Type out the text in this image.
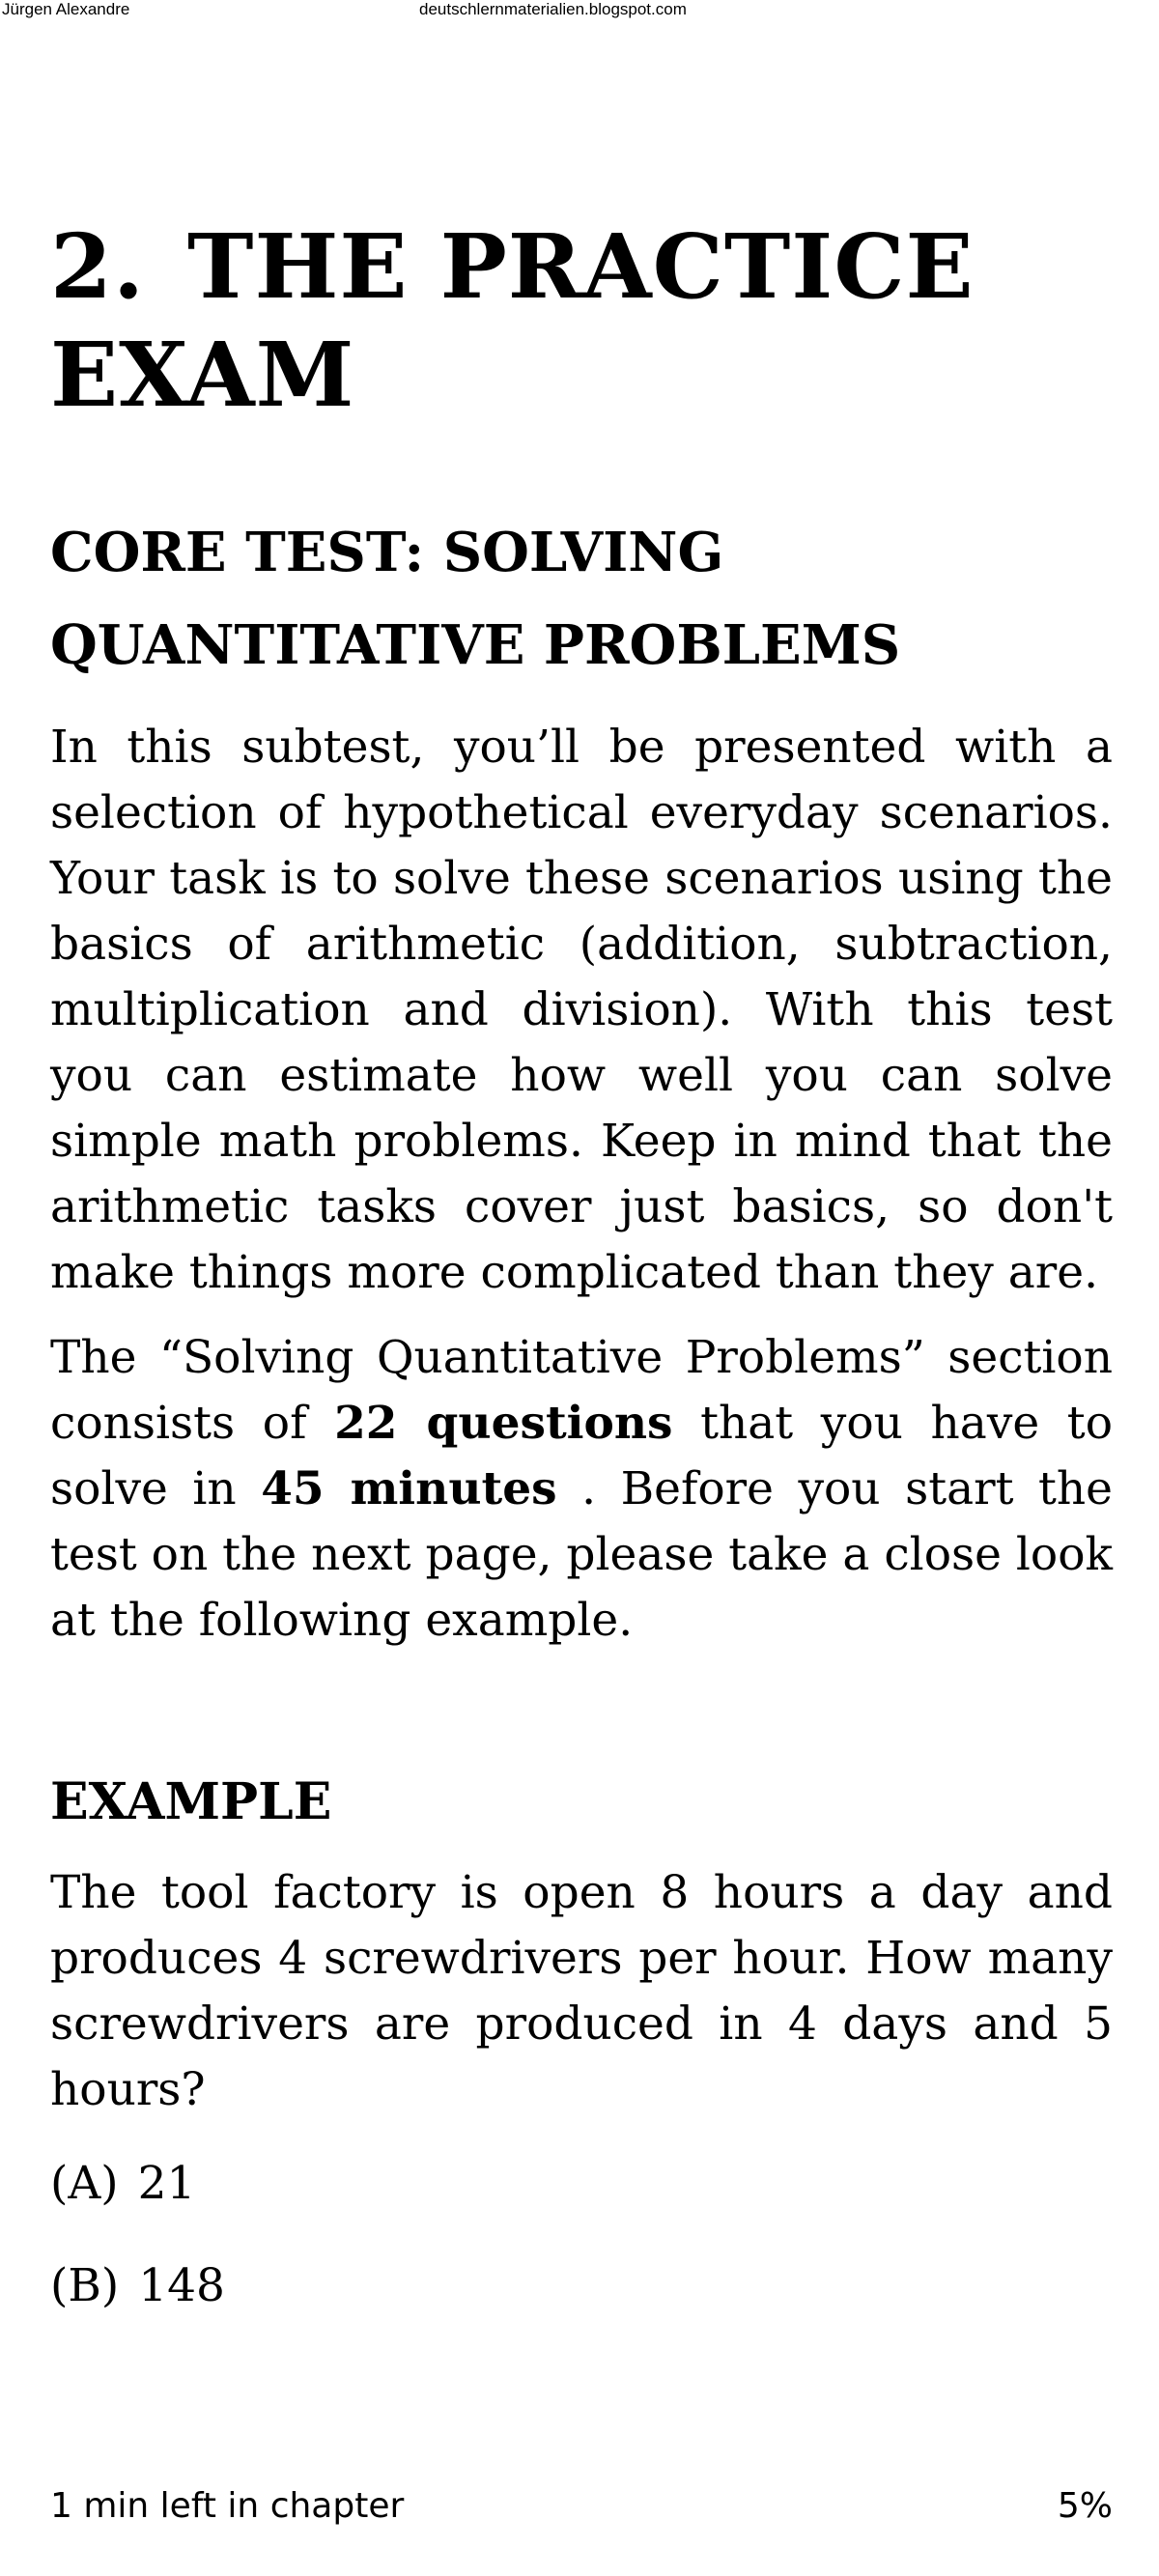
Jürgen Alexandre	deutschlernmaterialien.blogspot.com
2. THE PRACTICE
EXAM
CORE TEST: SOLVING
QUANTITATIVE PROBLEMS

In this subtest, you’ll be presented with a selection of hypothetical everyday scenarios. Your task is to solve these scenarios using the basics of arithmetic (addition, subtraction, multiplication and division). With this test you can estimate how well you can solve simple math problems. Keep in mind that the arithmetic tasks cover just basics, so don't make things more complicated than they are.

The “Solving Quantitative Problems” section consists of 22 questions that you have to solve in 45 minutes . Before you start the test on the next page, please take a close look at the following example.

EXAMPLE

The tool factory is open 8 hours a day and produces 4 screwdrivers per hour. How many screwdrivers are produced in 4 days and 5 hours?

(A) 21
(B) 148
1 min left in chapter	5%
